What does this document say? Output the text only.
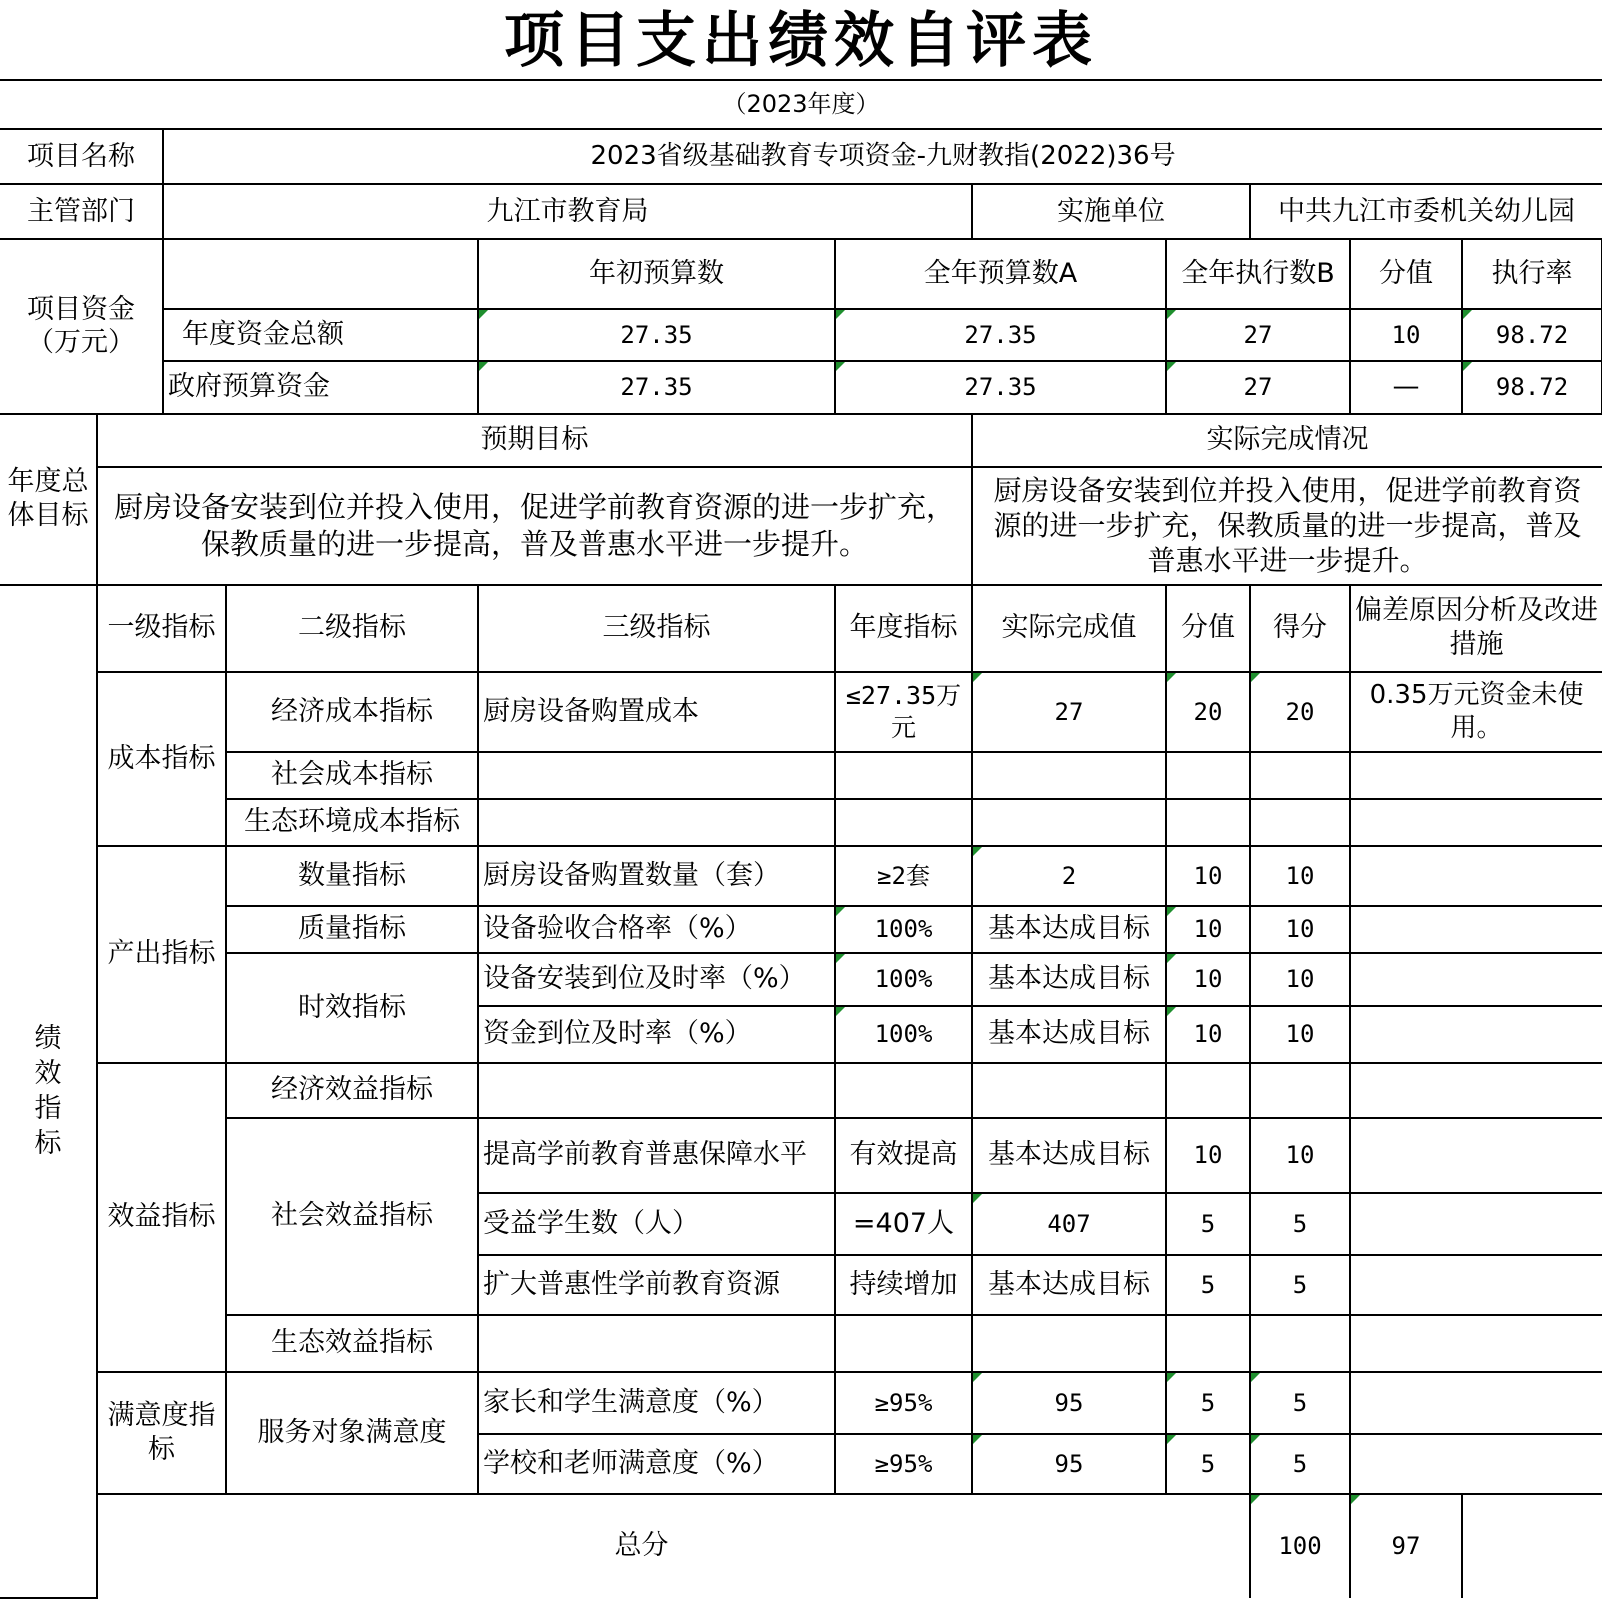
项目支出绩效自评表
（2023年度）
项目名称		2023省级基础教育专项资金-九财教指(2022)36号									
主管部门		九江市教育局				实施单位		中共九江市委机关幼儿园			
项目资金（万元）				年初预算数	全年预算数A		全年执行数B		分值	执行率	
		年度资金总额		27.35	27.35		27		10	98.72	
		政府预算资金		27.35	27.35		27		—	98.72	
年度总体目标	预期目标					实际完成情况					
	厨房设备安装到位并投入使用，促进学前教育资源的进一步扩充，保教质量的进一步提高，普及普惠水平进一步提升。					厨房设备安装到位并投入使用，促进学前教育资源的进一步扩充，保教质量的进一步提高，普及普惠水平进一步提升。					

绩效指标	一级指标		二级指标	三级指标	年度指标	实际完成值	分值	得分	偏差原因分析及改进措施		
	成本指标		经济成本指标	厨房设备购置成本	≤27.35万元	27	20	20	0.35万元资金未使用。		
			社会成本指标								
			生态环境成本指标								
	产出指标		数量指标	厨房设备购置数量（套）	≥2套	2	10	10			
			质量指标	设备验收合格率（%）	100%	基本达成目标	10	10			
			时效指标	设备安装到位及时率（%）	100%	基本达成目标	10	10			
				资金到位及时率（%）	100%	基本达成目标	10	10			
	效益指标		经济效益指标								
			社会效益指标	提高学前教育普惠保障水平	有效提高	基本达成目标	10	10			
				受益学生数（人）	=407人	407	5	5			
				扩大普惠性学前教育资源	持续增加	基本达成目标	5	5			
			生态效益指标								
	满意度指标		服务对象满意度	家长和学生满意度（%）	≥95%	95	5	5			
				学校和老师满意度（%）	≥95%	95	5	5			
	总分							100	97		
